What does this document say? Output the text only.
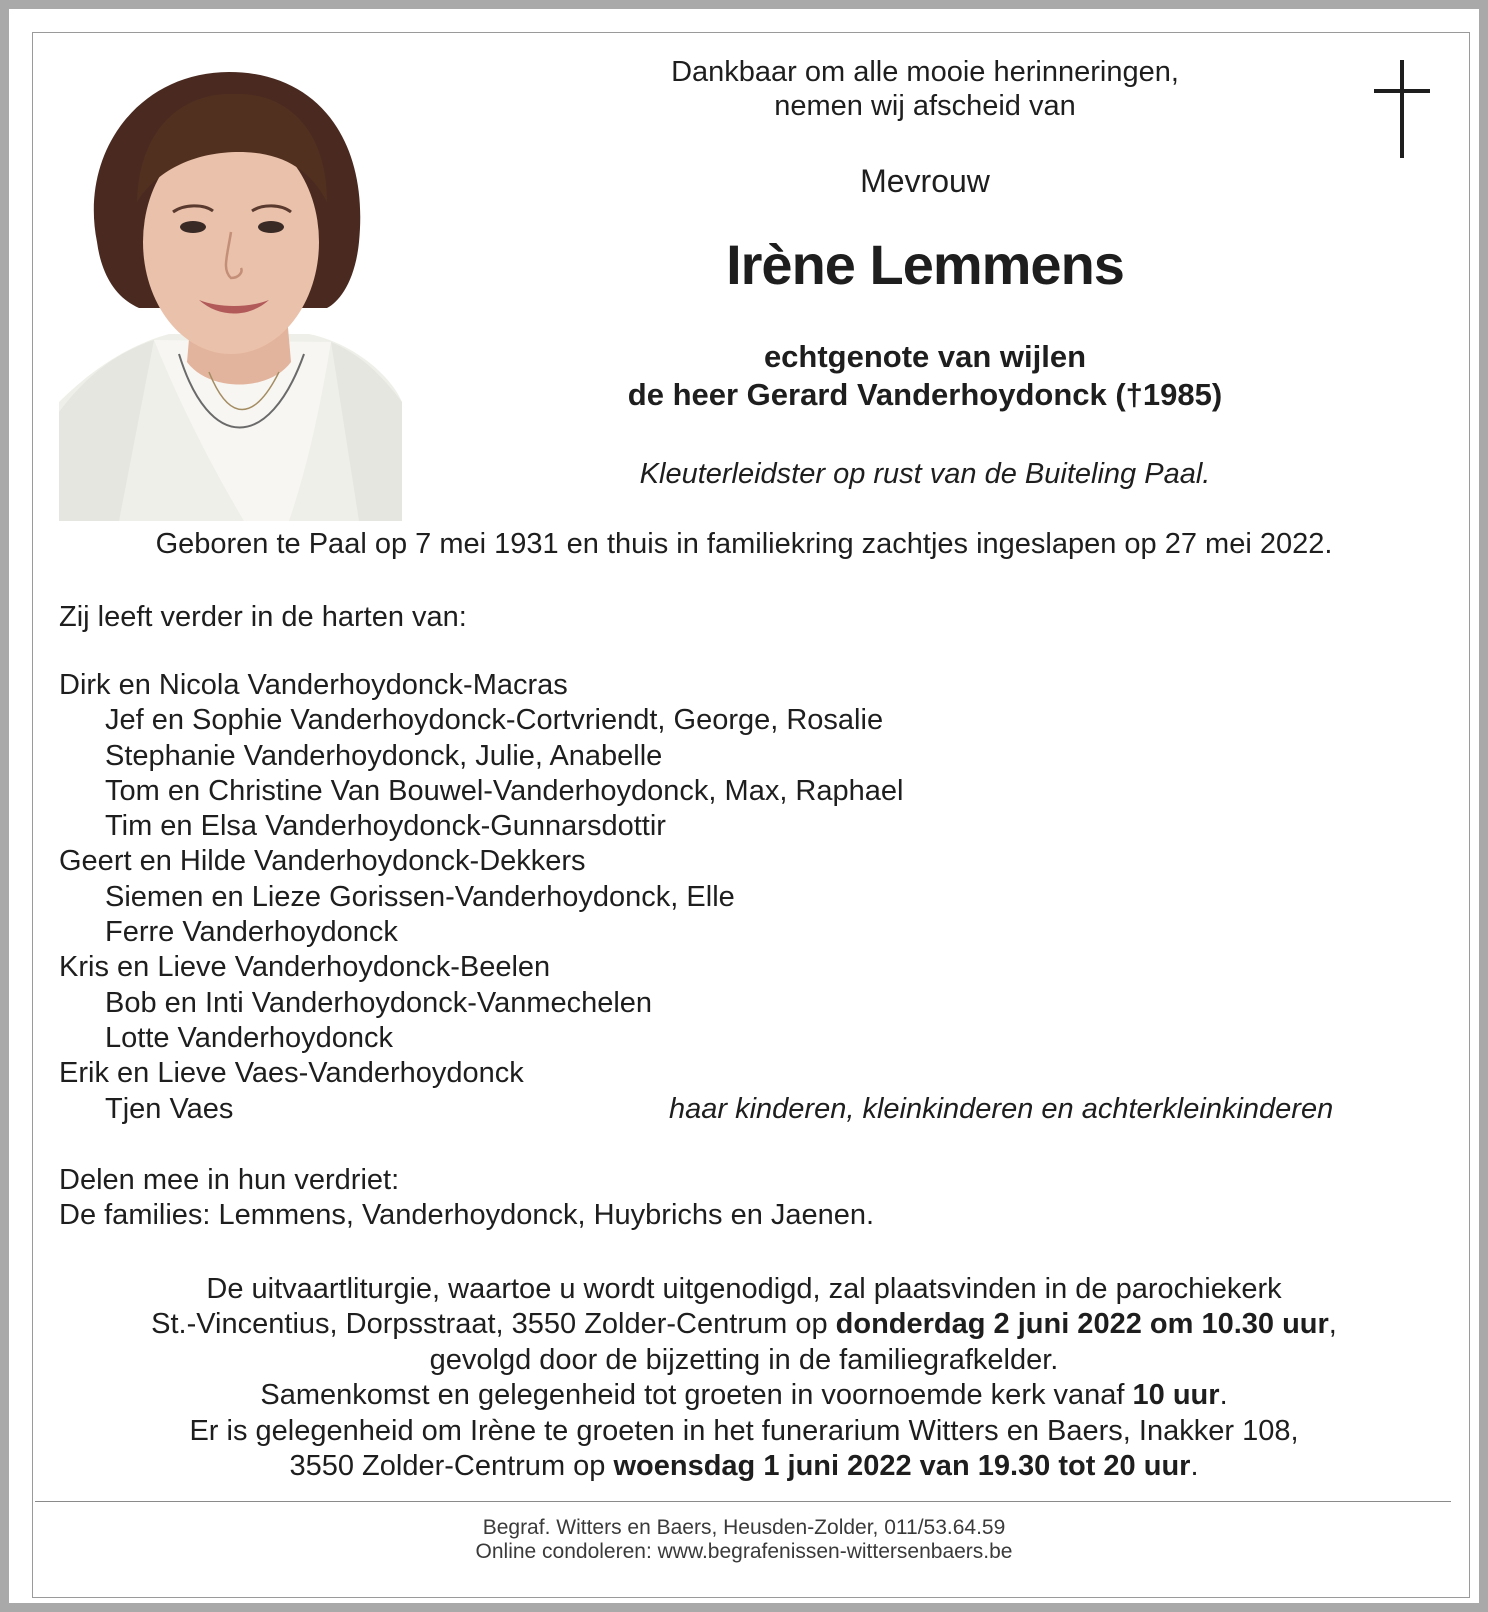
Dankbaar om alle mooie herinneringen,
nemen wij afscheid van
Mevrouw
Irène Lemmens
echtgenote van wijlen
de heer Gerard Vanderhoydonck (†1985)
Kleuterleidster op rust van de Buiteling Paal.
Geboren te Paal op 7 mei 1931 en thuis in familiekring zachtjes ingeslapen op 27 mei 2022.
Zij leeft verder in de harten van:
Dirk en Nicola Vanderhoydonck-Macras
Jef en Sophie Vanderhoydonck-Cortvriendt, George, Rosalie
Stephanie Vanderhoydonck, Julie, Anabelle
Tom en Christine Van Bouwel-Vanderhoydonck, Max, Raphael
Tim en Elsa Vanderhoydonck-Gunnarsdottir
Geert en Hilde Vanderhoydonck-Dekkers
Siemen en Lieze Gorissen-Vanderhoydonck, Elle
Ferre Vanderhoydonck
Kris en Lieve Vanderhoydonck-Beelen
Bob en Inti Vanderhoydonck-Vanmechelen
Lotte Vanderhoydonck
Erik en Lieve Vaes-Vanderhoydonck
Tjen Vaes	haar kinderen, kleinkinderen en achterkleinkinderen
Delen mee in hun verdriet:
De families: Lemmens, Vanderhoydonck, Huybrichs en Jaenen.
De uitvaartliturgie, waartoe u wordt uitgenodigd, zal plaatsvinden in de parochiekerk
St.-Vincentius, Dorpsstraat, 3550 Zolder-Centrum op donderdag 2 juni 2022 om 10.30 uur,
gevolgd door de bijzetting in de familiegrafkelder.
Samenkomst en gelegenheid tot groeten in voornoemde kerk vanaf 10 uur.
Er is gelegenheid om Irène te groeten in het funerarium Witters en Baers, Inakker 108,
3550 Zolder-Centrum op woensdag 1 juni 2022 van 19.30 tot 20 uur.
Begraf. Witters en Baers, Heusden-Zolder, 011/53.64.59
Online condoleren: www.begrafenissen-wittersenbaers.be
